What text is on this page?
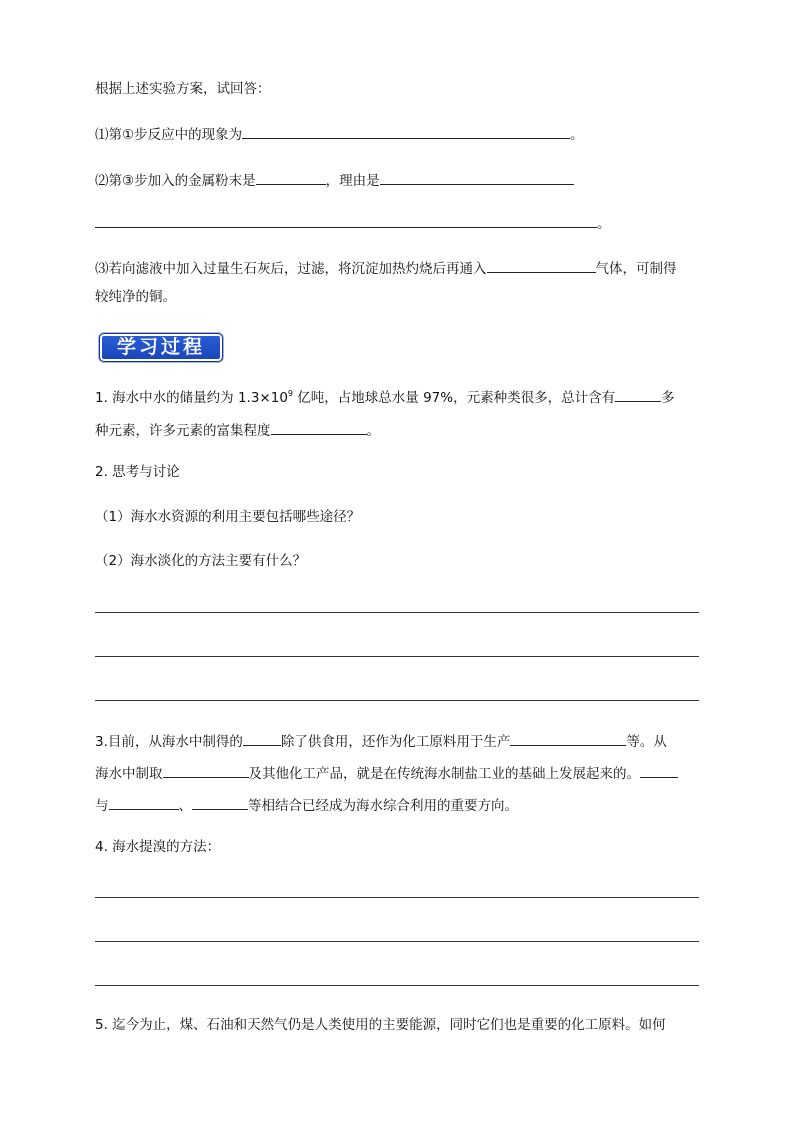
根据上述实验方案，试回答：
⑴第①步反应中的现象为	。
⑵第③步加入的金属粉末是	，理由是
。
⑶若向滤液中加入过量生石灰后，过滤，将沉淀加热灼烧后再通入	气体，可制得
较纯净的铜。
学习过程
1. 海水中水的储量约为 $1.3\times 10^9$ 亿吨，占地球总水量 97%，元素种类很多，总计含有	多
种元素，许多元素的富集程度	。
2. 思考与讨论
（1）海水水资源的利用主要包括哪些途径？
（2）海水淡化的方法主要有什么？
3.目前，从海水中制得的	除了供食用，还作为化工原料用于生产	等。从
海水中制取	及其他化工产品，就是在传统海水制盐工业的基础上发展起来的。
与	、	等相结合已经成为海水综合利用的重要方向。
4. 海水提溴的方法：
5. 迄今为止，煤、石油和天然气仍是人类使用的主要能源，同时它们也是重要的化工原料。如何
